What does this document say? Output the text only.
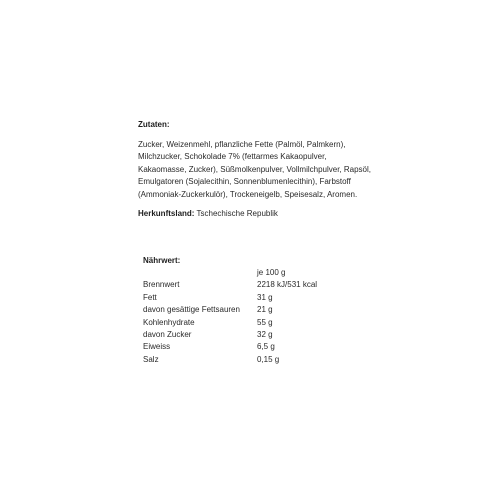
Zutaten:
Zucker, Weizenmehl, pflanzliche Fette (Palmöl, Palmkern), Milchzucker, Schokolade 7% (fettarmes Kakaopulver, Kakaomasse, Zucker), Süßmolkenpulver, Vollmilchpulver, Rapsöl, Emulgatoren (Sojalecithin, Sonnenblumenlecithin), Farbstoff (Ammoniak-Zuckerkulör), Trockeneigelb, Speisesalz, Aromen.
Herkunftsland: Tschechische Republik
Nährwert:
	je 100 g
Brennwert	2218 kJ/531 kcal
Fett	31 g
davon gesättige Fettsauren	21 g
Kohlenhydrate	55 g
davon Zucker	32 g
Eiweiss	6,5 g
Salz	0,15 g
